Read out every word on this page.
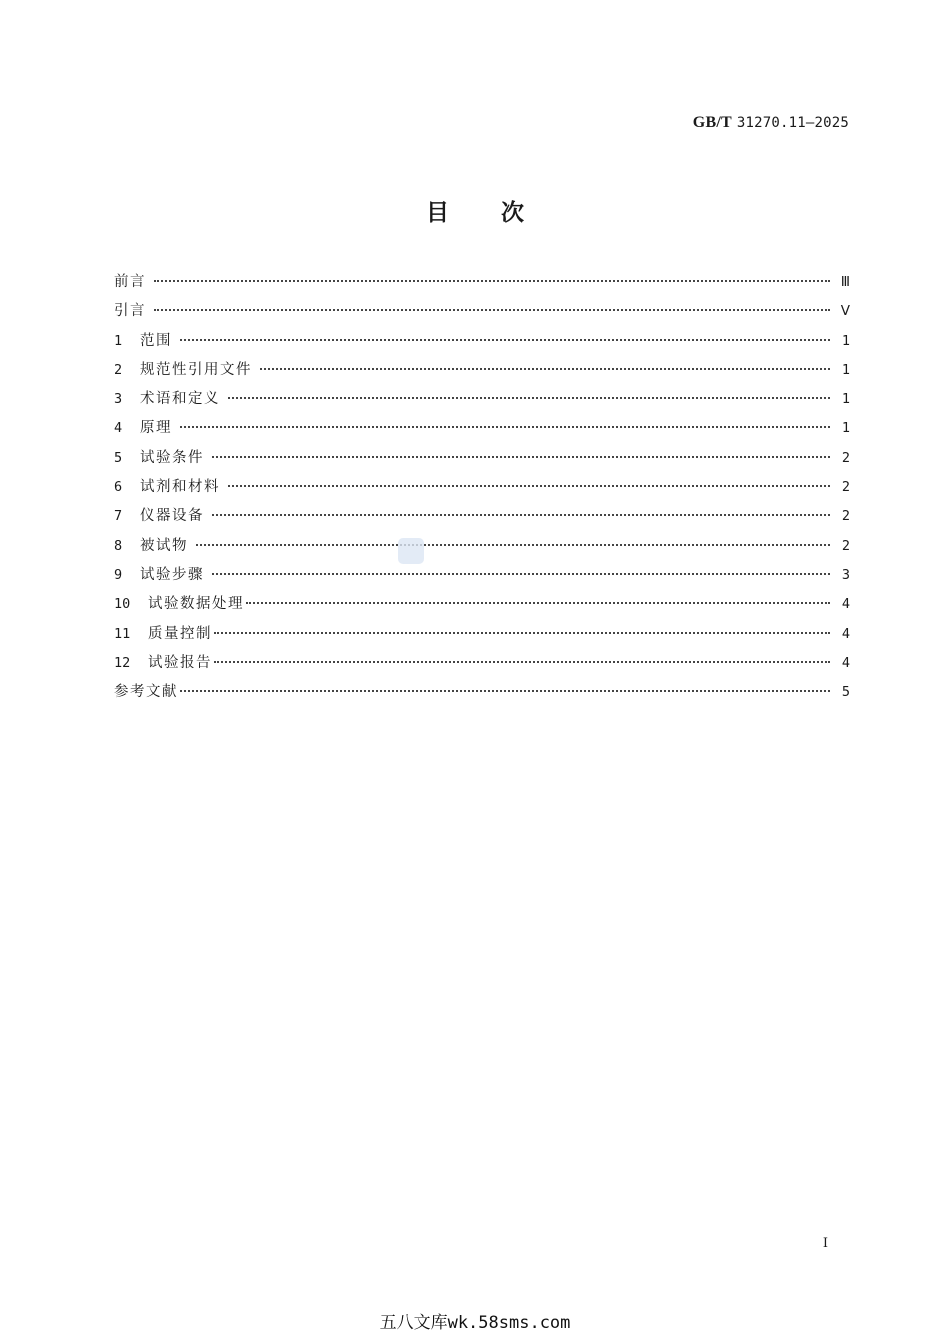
GB/T 31270.11—2025
目次
前言	Ⅲ
引言	Ⅴ
1	范围	1
2	规范性引用文件	1
3	术语和定义	1
4	原理	1
5	试验条件	2
6	试剂和材料	2
7	仪器设备	2
8	被试物	2
9	试验步骤	3
10	试验数据处理	4
11	质量控制	4
12	试验报告	4
参考文献	5
Ⅰ
五八文库wk.58sms.com
